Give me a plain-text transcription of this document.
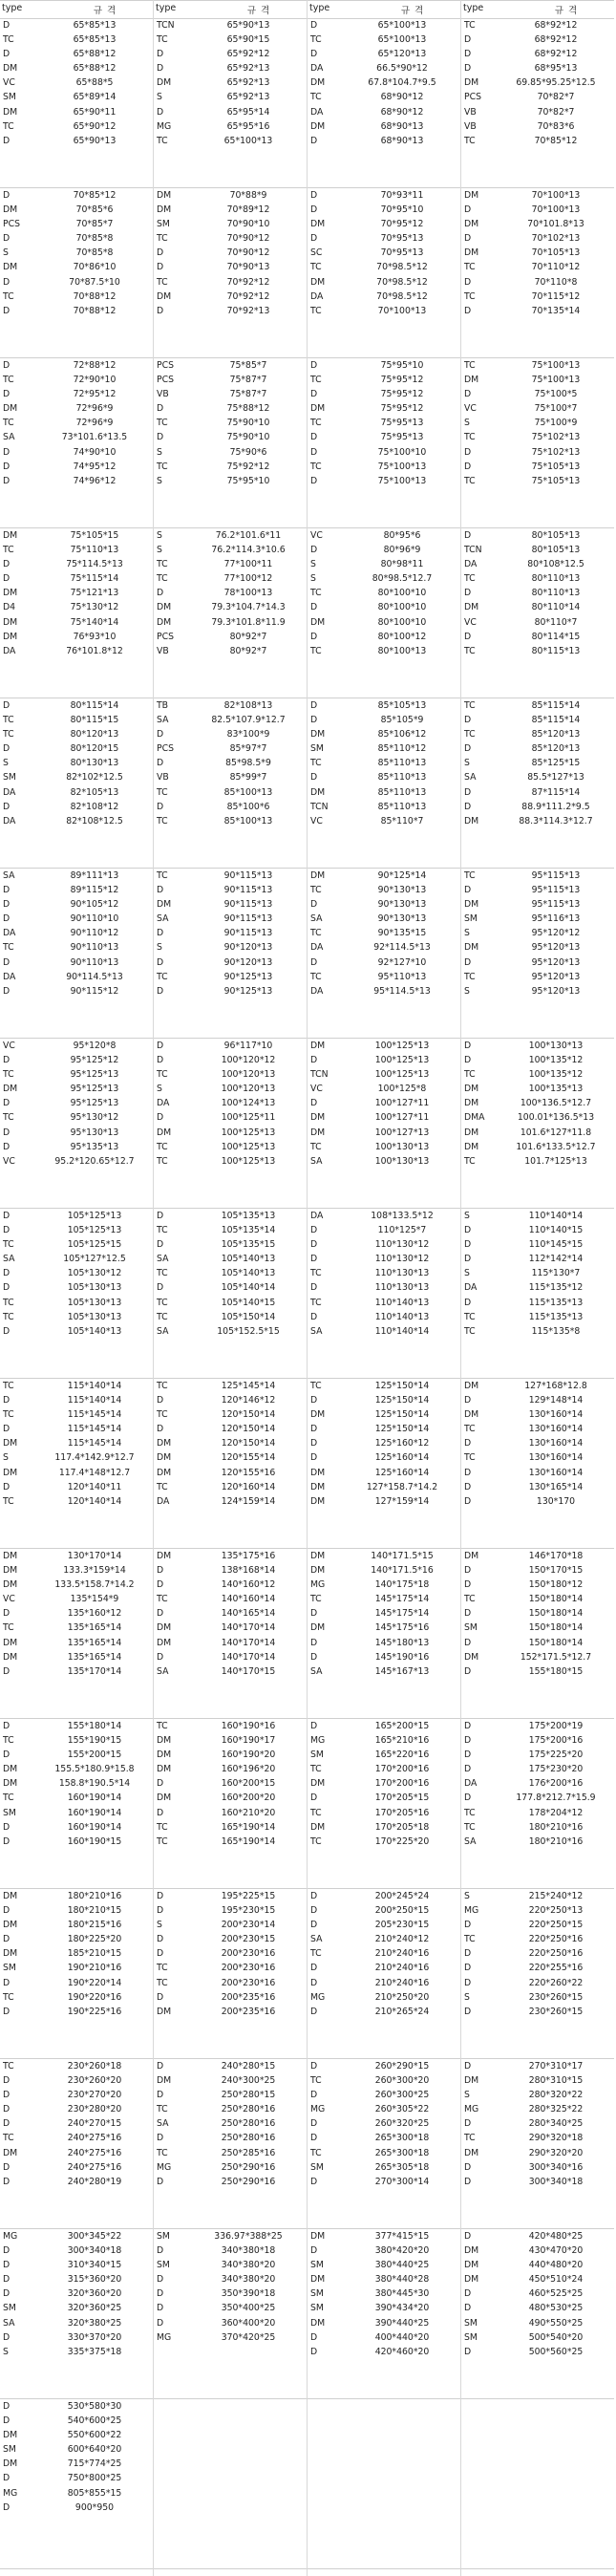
type	규 격
D	65*85*13
TC	65*85*13
D	65*88*12
DM	65*88*12
VC	65*88*5
SM	65*89*14
DM	65*90*11
TC	65*90*12
D	65*90*13
D	70*85*12
DM	70*85*6
PCS	70*85*7
D	70*85*8
S	70*85*8
DM	70*86*10
D	70*87.5*10
TC	70*88*12
D	70*88*12
D	72*88*12
TC	72*90*10
D	72*95*12
DM	72*96*9
TC	72*96*9
SA	73*101.6*13.5
D	74*90*10
D	74*95*12
D	74*96*12
DM	75*105*15
TC	75*110*13
D	75*114.5*13
D	75*115*14
DM	75*121*13
D4	75*130*12
DM	75*140*14
DM	76*93*10
DA	76*101.8*12
D	80*115*14
TC	80*115*15
TC	80*120*13
D	80*120*15
S	80*130*13
SM	82*102*12.5
DA	82*105*13
D	82*108*12
DA	82*108*12.5
SA	89*111*13
D	89*115*12
D	90*105*12
D	90*110*10
DA	90*110*12
TC	90*110*13
D	90*110*13
DA	90*114.5*13
D	90*115*12
VC	95*120*8
D	95*125*12
TC	95*125*13
DM	95*125*13
D	95*125*13
TC	95*130*12
D	95*130*13
D	95*135*13
VC	95.2*120.65*12.7
D	105*125*13
D	105*125*13
TC	105*125*15
SA	105*127*12.5
D	105*130*12
D	105*130*13
TC	105*130*13
TC	105*130*13
D	105*140*13
TC	115*140*14
D	115*140*14
TC	115*145*14
D	115*145*14
DM	115*145*14
S	117.4*142.9*12.7
DM	117.4*148*12.7
D	120*140*11
TC	120*140*14
DM	130*170*14
DM	133.3*159*14
DM	133.5*158.7*14.2
VC	135*154*9
D	135*160*12
TC	135*165*14
DM	135*165*14
DM	135*165*14
D	135*170*14
D	155*180*14
TC	155*190*15
D	155*200*15
DM	155.5*180.9*15.8
DM	158.8*190.5*14
TC	160*190*14
SM	160*190*14
D	160*190*14
D	160*190*15
DM	180*210*16
D	180*210*15
DM	180*215*16
D	180*225*20
DM	185*210*15
SM	190*210*16
D	190*220*14
TC	190*220*16
D	190*225*16
TC	230*260*18
D	230*260*20
D	230*270*20
D	230*280*20
D	240*270*15
TC	240*275*16
DM	240*275*16
D	240*275*16
D	240*280*19
MG	300*345*22
D	300*340*18
D	310*340*15
D	315*360*20
D	320*360*20
SM	320*360*25
SA	320*380*25
D	330*370*20
S	335*375*18
D	530*580*30
D	540*600*25
DM	550*600*22
SM	600*640*20
DM	715*774*25
D	750*800*25
MG	805*855*15
D	900*950
type	규 격
TCN	65*90*13
TC	65*90*15
D	65*92*12
D	65*92*13
DM	65*92*13
S	65*92*13
D	65*95*14
MG	65*95*16
TC	65*100*13
DM	70*88*9
DM	70*89*12
SM	70*90*10
TC	70*90*12
D	70*90*12
D	70*90*13
TC	70*92*12
DM	70*92*12
D	70*92*13
PCS	75*85*7
PCS	75*87*7
VB	75*87*7
D	75*88*12
TC	75*90*10
D	75*90*10
S	75*90*6
TC	75*92*12
S	75*95*10
S	76.2*101.6*11
S	76.2*114.3*10.6
TC	77*100*11
TC	77*100*12
D	78*100*13
DM	79.3*104.7*14.3
DM	79.3*101.8*11.9
PCS	80*92*7
VB	80*92*7
TB	82*108*13
SA	82.5*107.9*12.7
D	83*100*9
PCS	85*97*7
D	85*98.5*9
VB	85*99*7
TC	85*100*13
D	85*100*6
TC	85*100*13
TC	90*115*13
D	90*115*13
DM	90*115*13
SA	90*115*13
D	90*115*13
S	90*120*13
D	90*120*13
TC	90*125*13
D	90*125*13
D	96*117*10
D	100*120*12
TC	100*120*13
S	100*120*13
DA	100*124*13
D	100*125*11
DM	100*125*13
TC	100*125*13
TC	100*125*13
D	105*135*13
TC	105*135*14
D	105*135*15
SA	105*140*13
TC	105*140*13
D	105*140*14
TC	105*140*15
TC	105*150*14
SA	105*152.5*15
TC	125*145*14
D	120*146*12
TC	120*150*14
D	120*150*14
DM	120*150*14
DM	120*155*14
DM	120*155*16
TC	120*160*14
DA	124*159*14
DM	135*175*16
D	138*168*14
D	140*160*12
TC	140*160*14
D	140*165*14
DM	140*170*14
DM	140*170*14
D	140*170*14
SA	140*170*15
TC	160*190*16
DM	160*190*17
DM	160*190*20
DM	160*196*20
D	160*200*15
DM	160*200*20
D	160*210*20
TC	165*190*14
TC	165*190*14
D	195*225*15
D	195*230*15
S	200*230*14
D	200*230*15
D	200*230*16
TC	200*230*16
TC	200*230*16
D	200*235*16
DM	200*235*16
D	240*280*15
DM	240*300*25
D	250*280*15
TC	250*280*16
SA	250*280*16
D	250*280*16
TC	250*285*16
MG	250*290*16
D	250*290*16
SM	336.97*388*25
D	340*380*18
SM	340*380*20
D	340*380*20
D	350*390*18
D	350*400*25
D	360*400*20
MG	370*420*25
type	규 격
D	65*100*13
TC	65*100*13
D	65*120*13
DA	66.5*90*12
DM	67.8*104.7*9.5
TC	68*90*12
DA	68*90*12
DM	68*90*13
D	68*90*13
D	70*93*11
D	70*95*10
DM	70*95*12
D	70*95*13
SC	70*95*13
TC	70*98.5*12
DM	70*98.5*12
DA	70*98.5*12
TC	70*100*13
D	75*95*10
TC	75*95*12
D	75*95*12
DM	75*95*12
TC	75*95*13
D	75*95*13
D	75*100*10
TC	75*100*13
D	75*100*13
VC	80*95*6
D	80*96*9
S	80*98*11
S	80*98.5*12.7
TC	80*100*10
D	80*100*10
DM	80*100*10
D	80*100*12
TC	80*100*13
D	85*105*13
D	85*105*9
DM	85*106*12
SM	85*110*12
TC	85*110*13
D	85*110*13
DM	85*110*13
TCN	85*110*13
VC	85*110*7
DM	90*125*14
TC	90*130*13
D	90*130*13
SA	90*130*13
TC	90*135*15
DA	92*114.5*13
D	92*127*10
TC	95*110*13
DA	95*114.5*13
DM	100*125*13
D	100*125*13
TCN	100*125*13
VC	100*125*8
D	100*127*11
DM	100*127*11
DM	100*127*13
TC	100*130*13
SA	100*130*13
DA	108*133.5*12
D	110*125*7
D	110*130*12
D	110*130*12
TC	110*130*13
D	110*130*13
TC	110*140*13
D	110*140*13
SA	110*140*14
TC	125*150*14
D	125*150*14
DM	125*150*14
D	125*150*14
D	125*160*12
D	125*160*14
DM	125*160*14
DM	127*158.7*14.2
DM	127*159*14
DM	140*171.5*15
DM	140*171.5*16
MG	140*175*18
TC	145*175*14
D	145*175*14
DM	145*175*16
D	145*180*13
D	145*190*16
SA	145*167*13
D	165*200*15
MG	165*210*16
SM	165*220*16
TC	170*200*16
DM	170*200*16
D	170*205*15
TC	170*205*16
DM	170*205*18
TC	170*225*20
D	200*245*24
D	200*250*15
D	205*230*15
SA	210*240*12
TC	210*240*16
D	210*240*16
D	210*240*16
MG	210*250*20
D	210*265*24
D	260*290*15
TC	260*300*20
D	260*300*25
MG	260*305*22
D	260*320*25
D	265*300*18
TC	265*300*18
SM	265*305*18
D	270*300*14
DM	377*415*15
D	380*420*20
SM	380*440*25
DM	380*440*28
SM	380*445*30
SM	390*434*20
DM	390*440*25
D	400*440*20
D	420*460*20
type	규 격
TC	68*92*12
D	68*92*12
D	68*92*12
D	68*95*13
DM	69.85*95.25*12.5
PCS	70*82*7
VB	70*82*7
VB	70*83*6
TC	70*85*12
DM	70*100*13
D	70*100*13
DM	70*101.8*13
D	70*102*13
DM	70*105*13
TC	70*110*12
D	70*110*8
TC	70*115*12
D	70*135*14
TC	75*100*13
DM	75*100*13
D	75*100*5
VC	75*100*7
S	75*100*9
TC	75*102*13
D	75*102*13
D	75*105*13
TC	75*105*13
D	80*105*13
TCN	80*105*13
DA	80*108*12.5
TC	80*110*13
D	80*110*13
DM	80*110*14
VC	80*110*7
D	80*114*15
TC	80*115*13
TC	85*115*14
D	85*115*14
TC	85*120*13
D	85*120*13
S	85*125*15
SA	85.5*127*13
D	87*115*14
D	88.9*111.2*9.5
DM	88.3*114.3*12.7
TC	95*115*13
D	95*115*13
DM	95*115*13
SM	95*116*13
S	95*120*12
DM	95*120*13
D	95*120*13
TC	95*120*13
S	95*120*13
D	100*130*13
D	100*135*12
TC	100*135*12
DM	100*135*13
DM	100*136.5*12.7
DMA	100.01*136.5*13
DM	101.6*127*11.8
DM	101.6*133.5*12.7
TC	101.7*125*13
S	110*140*14
D	110*140*15
D	110*145*15
D	112*142*14
S	115*130*7
DA	115*135*12
D	115*135*13
TC	115*135*13
TC	115*135*8
DM	127*168*12.8
D	129*148*14
DM	130*160*14
TC	130*160*14
D	130*160*14
TC	130*160*14
D	130*160*14
D	130*165*14
D	130*170
DM	146*170*18
D	150*170*15
D	150*180*12
TC	150*180*14
D	150*180*14
SM	150*180*14
D	150*180*14
DM	152*171.5*12.7
D	155*180*15
D	175*200*19
D	175*200*16
D	175*225*20
D	175*230*20
DA	176*200*16
D	177.8*212.7*15.9
TC	178*204*12
TC	180*210*16
SA	180*210*16
S	215*240*12
MG	220*250*13
D	220*250*15
TC	220*250*16
D	220*250*16
D	220*255*16
D	220*260*22
S	230*260*15
D	230*260*15
D	270*310*17
DM	280*310*15
S	280*320*22
MG	280*325*22
D	280*340*25
TC	290*320*18
DM	290*320*20
D	300*340*16
D	300*340*18
D	420*480*25
DM	430*470*20
DM	440*480*20
DM	450*510*24
D	460*525*25
D	480*530*25
SM	490*550*25
SM	500*540*20
D	500*560*25
